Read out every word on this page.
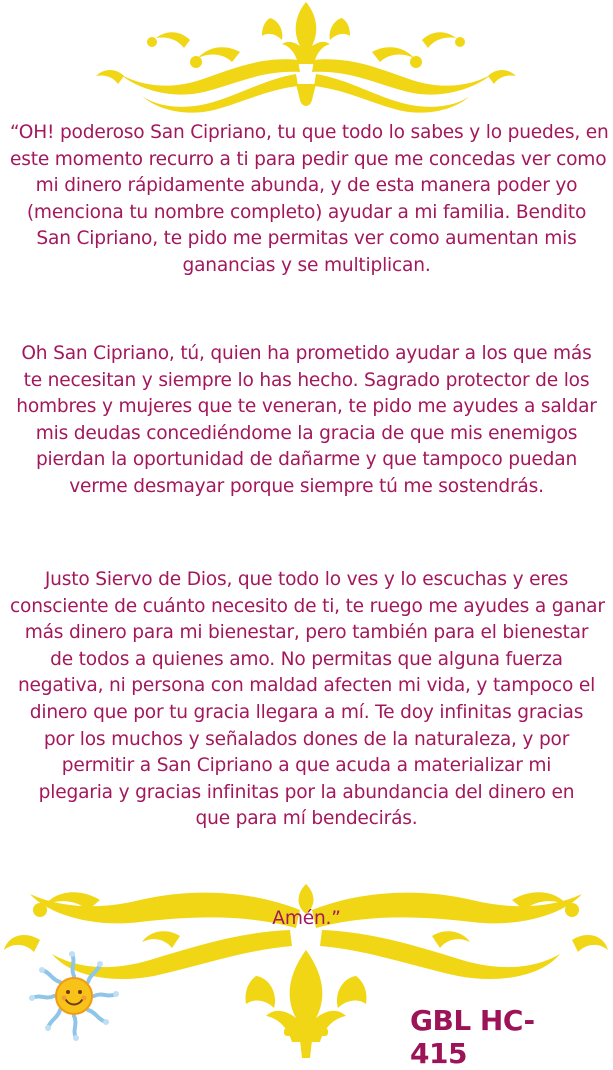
“OH! poderoso San Cipriano, tu que todo lo sabes y lo puedes, en
este momento recurro a ti para pedir que me concedas ver como
mi dinero rápidamente abunda, y de esta manera poder yo
(menciona tu nombre completo) ayudar a mi familia. Bendito
San Cipriano, te pido me permitas ver como aumentan mis
ganancias y se multiplican.
Oh San Cipriano, tú, quien ha prometido ayudar a los que más
te necesitan y siempre lo has hecho. Sagrado protector de los
hombres y mujeres que te veneran, te pido me ayudes a saldar
mis deudas concediéndome la gracia de que mis enemigos
pierdan la oportunidad de dañarme y que tampoco puedan
verme desmayar porque siempre tú me sostendrás.
Justo Siervo de Dios, que todo lo ves y lo escuchas y eres
consciente de cuánto necesito de ti, te ruego me ayudes a ganar
más dinero para mi bienestar, pero también para el bienestar
de todos a quienes amo. No permitas que alguna fuerza
negativa, ni persona con maldad afecten mi vida, y tampoco el
dinero que por tu gracia llegara a mí. Te doy infinitas gracias
por los muchos y señalados dones de la naturaleza, y por
permitir a San Cipriano a que acuda a materializar mi
plegaria y gracias infinitas por la abundancia del dinero en
que para mí bendecirás.
Amén.”
GBL HC-415
